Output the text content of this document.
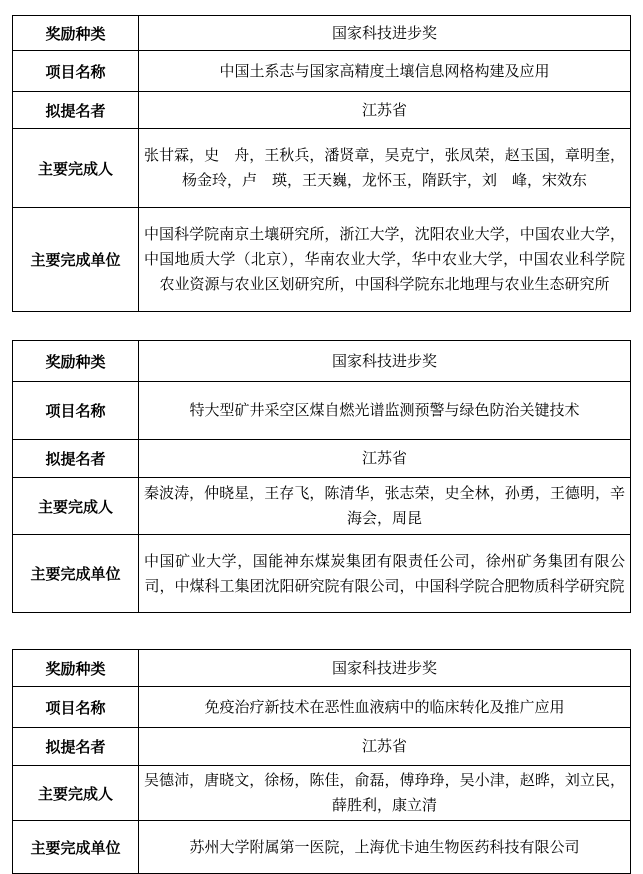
奖励种类	国家科技进步奖
项目名称	中国土系志与国家高精度土壤信息网格构建及应用
拟提名者	江苏省
主要完成人	张甘霖，史　舟，王秋兵，潘贤章，吴克宁，张凤荣，赵玉国，章明奎，杨金玲，卢　瑛，王天巍，龙怀玉，隋跃宇，刘　峰，宋效东
主要完成单位	中国科学院南京土壤研究所，浙江大学，沈阳农业大学，中国农业大学，中国地质大学（北京），华南农业大学，华中农业大学，中国农业科学院农业资源与农业区划研究所，中国科学院东北地理与农业生态研究所
奖励种类	国家科技进步奖
项目名称	特大型矿井采空区煤自燃光谱监测预警与绿色防治关键技术
拟提名者	江苏省
主要完成人	秦波涛，仲晓星，王存飞，陈清华，张志荣，史全林，孙勇，王德明，辛海会，周昆
主要完成单位	中国矿业大学，国能神东煤炭集团有限责任公司，徐州矿务集团有限公司，中煤科工集团沈阳研究院有限公司，中国科学院合肥物质科学研究院
奖励种类	国家科技进步奖
项目名称	免疫治疗新技术在恶性血液病中的临床转化及推广应用
拟提名者	江苏省
主要完成人	吴德沛，唐晓文，徐杨，陈佳，俞磊，傅琤琤，吴小津，赵晔，刘立民，薛胜利，康立清
主要完成单位	苏州大学附属第一医院，上海优卡迪生物医药科技有限公司
